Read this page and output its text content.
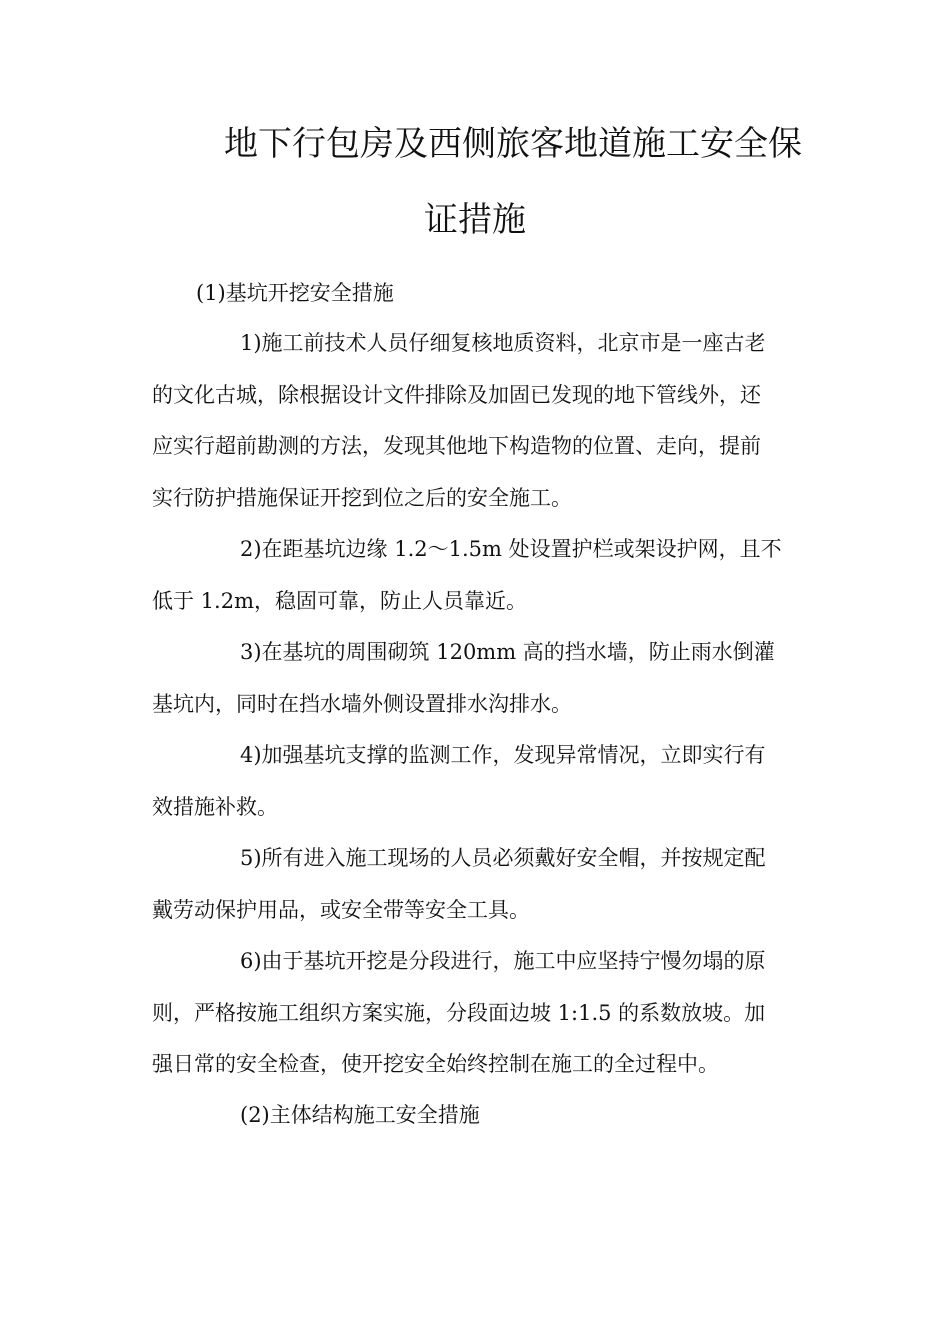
地下行包房及西侧旅客地道施工安全保
证措施
(1)基坑开挖安全措施
1)施工前技术人员仔细复核地质资料，北京市是一座古老
的文化古城，除根据设计文件排除及加固已发现的地下管线外，还
应实行超前勘测的方法，发现其他地下构造物的位置、走向，提前
实行防护措施保证开挖到位之后的安全施工。
2)在距基坑边缘 1.2～1.5m 处设置护栏或架设护网，且不
低于 1.2m，稳固可靠，防止人员靠近。
3)在基坑的周围砌筑 120mm 高的挡水墙，防止雨水倒灌
基坑内，同时在挡水墙外侧设置排水沟排水。
4)加强基坑支撑的监测工作，发现异常情况，立即实行有
效措施补救。
5)所有进入施工现场的人员必须戴好安全帽，并按规定配
戴劳动保护用品，或安全带等安全工具。
6)由于基坑开挖是分段进行，施工中应坚持宁慢勿塌的原
则，严格按施工组织方案实施，分段面边坡 1:1.5 的系数放坡。加
强日常的安全检查，使开挖安全始终控制在施工的全过程中。
(2)主体结构施工安全措施
